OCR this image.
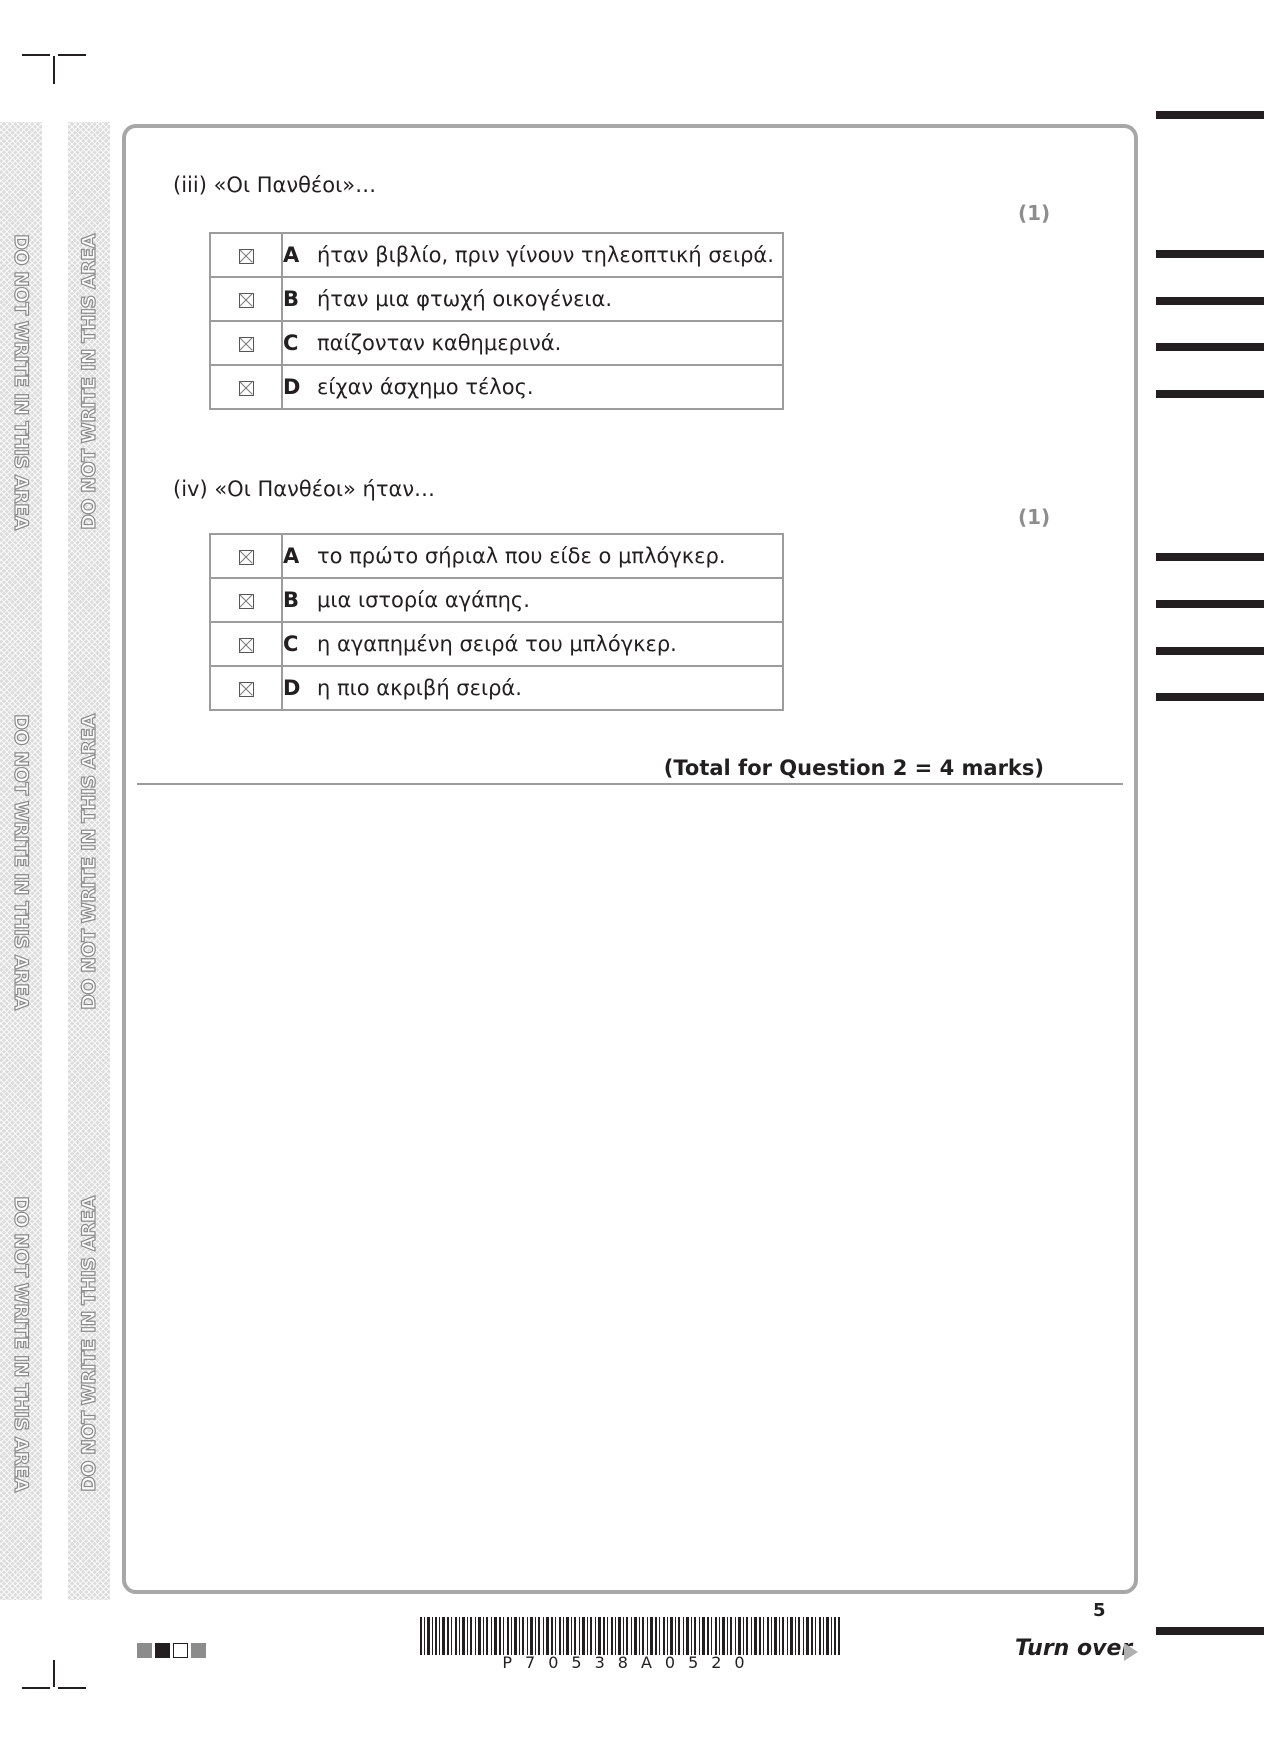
DO NOT WRITE IN THIS AREA
DO NOT WRITE IN THIS AREA
DO NOT WRITE IN THIS AREA
DO NOT WRITE IN THIS AREA
DO NOT WRITE IN THIS AREA
DO NOT WRITE IN THIS AREA
(iii) «Οι Πανθέοι»…
(1)
	A ήταν βιβλίο, πριν γίνουν τηλεοπτική σειρά.
	B ήταν μια φτωχή οικογένεια.
	C παίζονταν καθημερινά.
	D είχαν άσχημο τέλος.
(iv) «Οι Πανθέοι» ήταν…
(1)
	A το πρώτο σήριαλ που είδε ο μπλόγκερ.
	B μια ιστορία αγάπης.
	C η αγαπημένη σειρά του μπλόγκερ.
	D η πιο ακριβή σειρά.
(Total for Question 2 = 4 marks)
P70538A0520
5
Turn over
